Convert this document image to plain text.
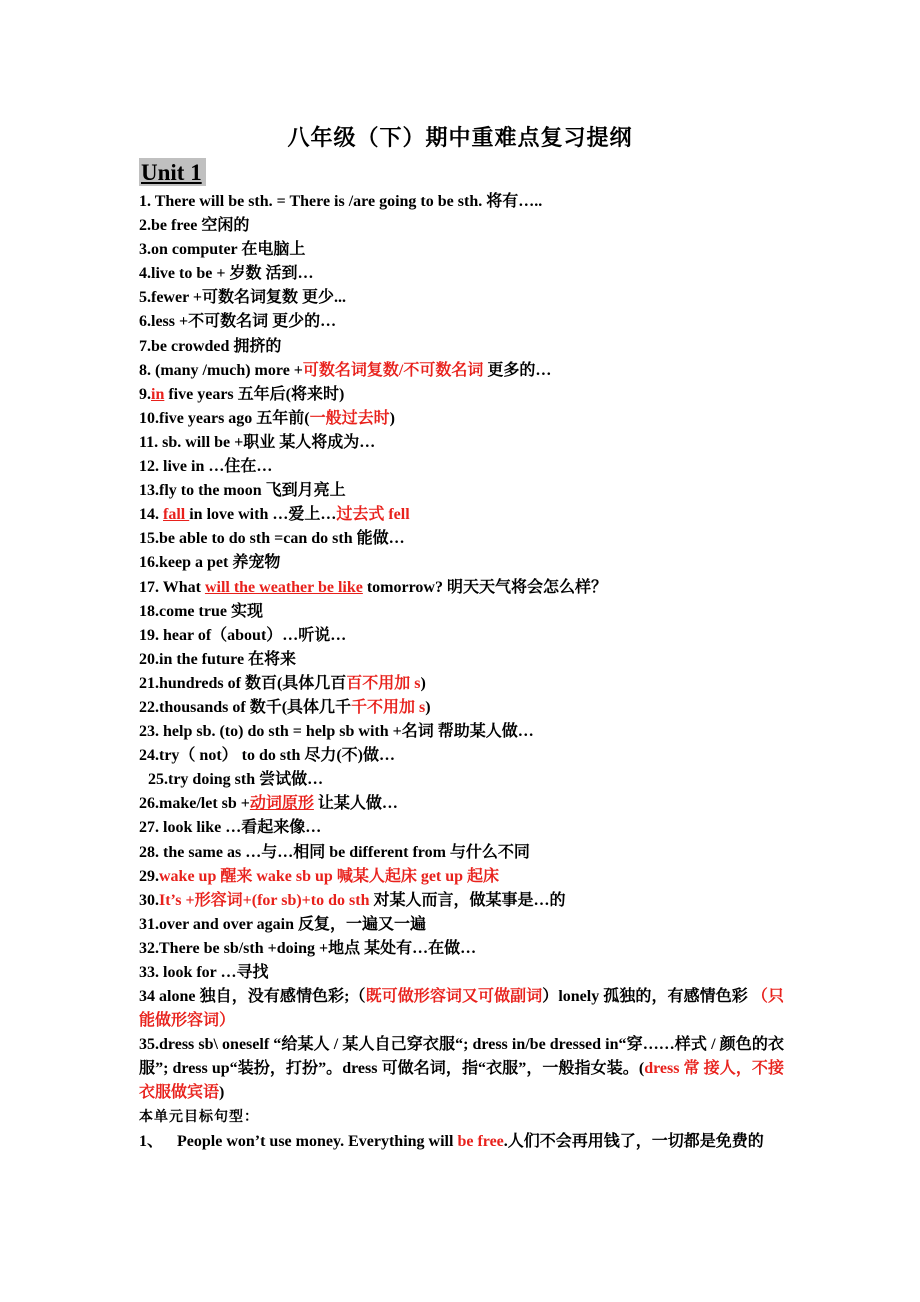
八年级（下）期中重难点复习提纲
Unit 1
1. There will be sth. = There is /are going to be sth. 将有…..
2.be free 空闲的
3.on computer 在电脑上
4.live to be + 岁数 活到…
5.fewer +可数名词复数 更少...
6.less +不可数名词 更少的…
7.be crowded 拥挤的
8. (many /much) more +可数名词复数/不可数名词 更多的…
9.in five years 五年后(将来时)
10.five years ago 五年前(一般过去时)
11. sb. will be +职业 某人将成为…
12. live in …住在…
13.fly to the moon 飞到月亮上
14. fall in love with …爱上…过去式 fell
15.be able to do sth =can do sth 能做…
16.keep a pet 养宠物
17. What will the weather be like tomorrow? 明天天气将会怎么样？
18.come true 实现
19. hear of（about）…听说…
20.in the future 在将来
21.hundreds of 数百(具体几百百不用加 s)
22.thousands of 数千(具体几千千不用加 s)
23. help sb. (to) do sth = help sb with +名词 帮助某人做…
24.try（ not） to do sth 尽力(不)做…
25.try doing sth 尝试做…
26.make/let sb +动词原形 让某人做…
27. look like …看起来像…
28. the same as …与…相同 be different from 与什么不同
29.wake up 醒来 wake sb up 喊某人起床 get up 起床
30.It’s +形容词+(for sb)+to do sth 对某人而言，做某事是…的
31.over and over again 反复，一遍又一遍
32.There be sb/sth +doing +地点 某处有…在做…
33. look for …寻找
34 alone 独自，没有感情色彩;（既可做形容词又可做副词）lonely 孤独的，有感情色彩 （只能做形容词）
35.dress sb\ oneself “给某人 / 某人自己穿衣服“; dress in/be dressed in“穿……样式 / 颜色的衣服”; dress up“装扮，打扮”。dress 可做名词，指“衣服”，一般指女装。(dress 常 接人，不接衣服做宾语)
本单元目标句型：
1、 People won’t use money. Everything will be free.人们不会再用钱了，一切都是免费的
